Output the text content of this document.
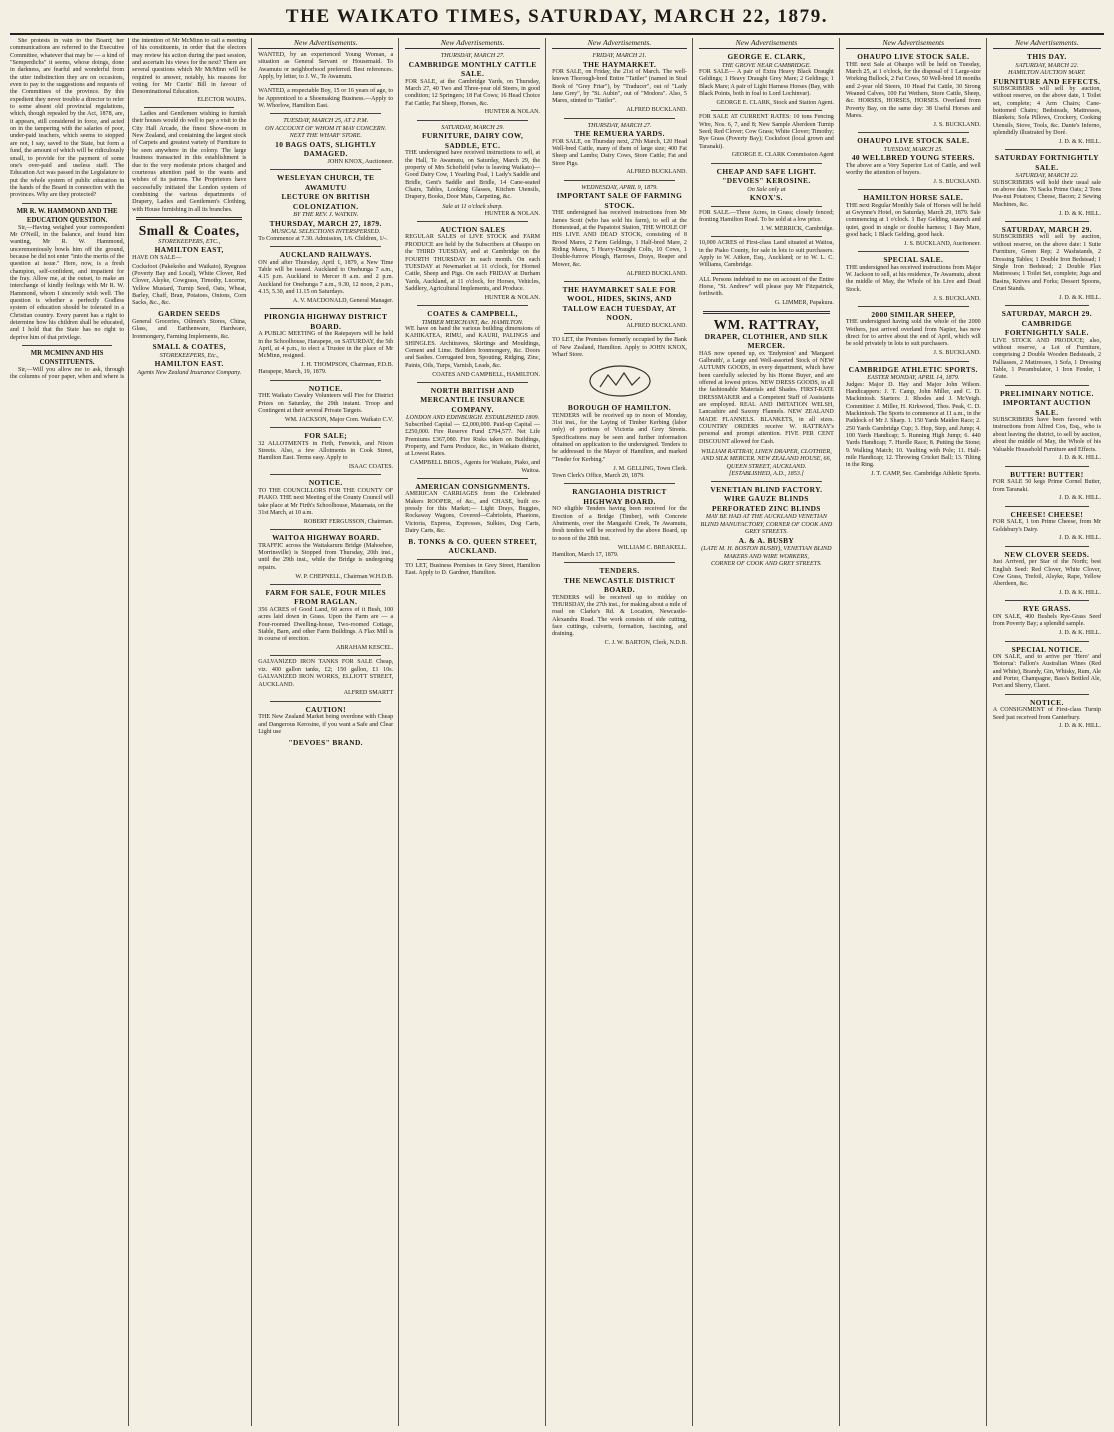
THE WAIKATO TIMES, SATURDAY, MARCH 22, 1879.

She protests in vain to the Board; her communications are referred to the Executive Committee, whatever that may be — a kind of "Semperdichs" it seems, whose doings, done in darkness, are fearful and wonderful from the utter indistinction they are on occasions, even to pay to the suggestions and requests of the Committees of the province. By this expedient they never trouble a director to refer to some absent old provincial regulations, which, though repealed by the Act, 1878, are, it appears, still considered in force, and acted on in the tampering with the salaries of poor, under-paid teachers, which seems to stopped are not, I say, saved to the State, but form a fund, the amount of which will be ridiculously small, to provide for the payment of some one's over-paid and useless staff. The Education Act was passed in the Legislature to put the whole system of public education in the hands of the Board in connection with the provinces. Why are they protected?

MR R. W. HAMMOND AND THE EDUCATION QUESTION.

Sir,—Having weighed your correspondent Mr O'Neill, in the balance, and found him wanting, Mr R. W. Hammond, unceremoniously bowls him off the ground, because he did not enter "into the merits of the question at issue." Here, now, is a fresh champion, self-confident, and impatient for the fray. Allow me, at the outset, to make an interchange of kindly feelings with Mr R. W. Hammond, whom I sincerely wish well. The question is whether a perfectly Godless system of education should be tolerated in a Christian country. Every parent has a right to determine how his children shall be educated, and I hold that the State has no right to deprive him of that privilege.

MR MCMINN AND HIS CONSTITUENTS.

Sir,—Will you allow me to ask, through the columns of your paper, when and where is the intention of Mr McMinn to call a meeting of his constituents, in order that the electors may review his action during the past session, and ascertain his views for the next? There are several questions which Mr McMinn will be required to answer, notably, his reasons for voting for Mr Curtis' Bill in favour of Denominational Education.

ELECTOR WAIPA.

Ladies and Gentlemen wishing to furnish their houses would do well to pay a visit to the City Hall Arcade, the finest Show-room in New Zealand, and containing the largest stock of Carpets and greatest variety of Furniture to be seen anywhere in the colony. The large business transacted in this establishment is due to the very moderate prices charged and courteous attention paid to the wants and wishes of its patrons. The Proprietors have successfully initiated the London system of combining the various departments of Drapery, Ladies and Gentlemen's Clothing, with House furnishing in all its branches.

Small & Coates,
STOREKEEPERS, ETC.,
HAMILTON EAST,

HAVE ON SALE—

Cocksfoot (Pakekoho and Waikato), Ryegrass (Poverty Bay and Local), White Clover, Red Clover, Alsyke, Cowgrass, Timothy, Lucerne, Yellow Mustard, Turnip Seed, Oats, Wheat, Barley, Chaff, Bran, Potatoes, Onions, Corn Sacks, &c., &c.

GARDEN SEEDS

General Groceries, Oilmen's Stores, China, Glass, and Earthenware, Hardware, Ironmongery, Farming Implements, &c.

SMALL & COATES,
STOREKEEPERS, Etc.,
HAMILTON EAST.
Agents New Zealand Insurance Company.
New Advertisements.

WANTED, by an experienced Young Woman, a situation as General Servant or Housemaid. To Awamutu or neighborhood preferred. Best references. Apply, by letter, to J. W., Te Awamutu.

WANTED, a respectable Boy, 15 or 16 years of age, to be Apprenticed to a Shoemaking Business.—Apply to W. Whorlow, Hamilton East.

TUESDAY, MARCH 25, AT 2 P.M.
ON ACCOUNT OF WHOM IT MAY CONCERN.
NEXT THE WHARF STORE.
10 BAGS OATS, SLIGHTLY DAMAGED.
JOHN KNOX, Auctioneer.
WESLEYAN CHURCH, TE AWAMUTU
LECTURE ON BRITISH COLONIZATION.
BY THE REV. J. WATKIN.
THURSDAY, MARCH 27, 1879.
MUSICAL SELECTIONS INTERSPERSED.

To Commence at 7.30. Admission, 1/6. Children, 1/-.

AUCKLAND RAILWAYS.

ON and after Thursday, April 1, 1879, a New Time Table will be issued. Auckland to Onehunga 7 a.m., 4.15 p.m. Auckland to Mercer 8 a.m. and 2 p.m. Auckland for Onehunga 7 a.m., 9.30, 12 noon, 2 p.m., 4.15, 5.30, and 11.15 on Saturdays.

A. V. MACDONALD, General Manager.
PIRONGIA HIGHWAY DISTRICT BOARD.

A PUBLIC MEETING of the Ratepayers will be held in the Schoolhouse, Harapepe, on SATURDAY, the 5th April, at 4 p.m., to elect a Trustee in the place of Mr McMinn, resigned.

J. H. THOMPSON, Chairman, P.D.B.

Harapepe, March, 19, 1879.

NOTICE.

THE Waikato Cavalry Volunteers will Fire for District Prizes on Saturday, the 29th instant. Troop and Contingent at their several Private Targets.

WM. JACKSON, Major Com. Waikato C.V.
FOR SALE;

32 ALLOTMENTS in Firth, Fenwick, and Nixon Streets. Also, a few Allotments in Cook Street, Hamilton East. Terms easy. Apply to

ISAAC COATES.
NOTICE.

TO THE COUNCILLORS FOR THE COUNTY OF PIAKO. THE next Meeting of the County Council will take place at Mr Firth's Schoolhouse, Matamata, on the 31st March, at 10 a.m.

ROBERT FERGUSSON, Chairman.
WAITOA HIGHWAY BOARD.

TRAFFIC across the Waitakaruru Bridge (Mahoehoe, Morrinsville) is Stopped from Thursday, 20th inst., until the 29th inst., while the Bridge is undergoing repairs.

W. P. CHEPNELL, Chairman W.H.D.B.
FARM FOR SALE, FOUR MILES FROM RAGLAN.

356 ACRES of Good Land, 60 acres of it Bush, 100 acres laid down in Grass. Upon the Farm are — a Four-roomed Dwelling-house, Two-roomed Cottage, Stable, Barn, and other Farm Buildings. A Flax Mill is in course of erection.

ABRAHAM KESCEL.

GALVANIZED IRON TANKS FOR SALE Cheap, viz. 400 gallon tanks, £2; 150 gallon, £1 10s. GALVANIZED IRON WORKS, ELLIOTT STREET, AUCKLAND.

ALFRED SMARTT
CAUTION!

THE New Zealand Market being overdone with Cheap and Dangerous Kerosine, if you want a Safe and Clear Light use

"DEVOES" BRAND.
New Advertisements.
THURSDAY, MARCH 27.
CAMBRIDGE MONTHLY CATTLE SALE.

FOR SALE, at the Cambridge Yards, on Thursday, March 27, 40 Two and Three-year old Steers, in good condition; 12 Springers; 18 Fat Cows; 16 Head Choice Fat Cattle; Fat Sheep, Horses, &c.

HUNTER & NOLAN.
SATURDAY, MARCH 29.
FURNITURE, DAIRY COW, SADDLE, ETC.

THE undersigned have received instructions to sell, at the Hall, Te Awamutu, on Saturday, March 29, the property of Mrs Schofield (who is leaving Waikato)— Good Dairy Cow, 1 Yearling Foal, 1 Lady's Saddle and Bridle, Gent's Saddle and Bridle, 14 Cane-seated Chairs, Tables, Looking Glasses, Kitchen Utensils, Drapery, Books, Door Mats, Carpeting, &c.

Sale at 11 o'clock sharp.
HUNTER & NOLAN.
AUCTION SALES

REGULAR SALES of LIVE STOCK and FARM PRODUCE are held by the Subscribers at Ohaupo on the THIRD TUESDAY, and at Cambridge on the FOURTH THURSDAY in each month. On each TUESDAY at Newmarket at 11 o'clock, for Horned Cattle, Sheep and Pigs. On each FRIDAY at Durham Yards, Auckland, at 11 o'clock, for Horses, Vehicles, Saddlery, Agricultural Implements, and Produce.

HUNTER & NOLAN.
COATES & CAMPBELL,
TIMBER MERCHANT, &c. HAMILTON.

WE have on hand the various building dimensions of KAHIKATEA, RIMU, and KAURI, PALINGS and SHINGLES. Architraves, Skirtings and Mouldings, Cement and Lime. Builders Ironmongery, &c. Doors and Sashes. Corrugated Iron, Spouting, Ridging, Zinc, Paints, Oils, Turps, Varnish, Leads, &c.

COATES AND CAMPBELL, HAMILTON.
NORTH BRITISH AND MERCANTILE INSURANCE COMPANY.
LONDON AND EDINBURGH. ESTABLISHED 1809.

Subscribed Capital — £2,000,000. Paid-up Capital — £250,000. Fire Reserve Fund £794,577. Net Life Premiums £367,080. Fire Risks taken on Buildings, Property, and Farm Produce, &c., in Waikato district, at Lowest Rates.

CAMPBELL BROS., Agents for Waikato, Piako, and Waitoa.
AMERICAN CONSIGNMENTS.

AMERICAN CARRIAGES from the Celebrated Makers ROOPER, of &c., and CHASE, built ex-pressly for this Market;— Light Drays, Buggies, Rockaway Wagons, Covered—Cabriolets, Phaetons, Victoria, Express, Expresses, Sulkies, Dog Carts, Dairy Carts, &c.

B. TONKS & CO. QUEEN STREET, AUCKLAND.

TO LET, Business Premises in Grey Street, Hamilton East. Apply to D. Gardner, Hamilton.

New Advertisements.
FRIDAY, MARCH 21.
THE HAYMARKET.

FOR SALE, on Friday, the 21st of March. The well-known Thorough-bred Entire "Tattler" (named in Stud Book of "Grey Friar"), by "Traducer", out of "Lady Jane Grey", by "St. Aubin", out of "Modora". Also, 5 Mares, stinted to "Tattler".

ALFRED BUCKLAND.
THURSDAY, MARCH 27.
THE REMUERA YARDS.

FOR SALE, on Thursday next, 27th March, 120 Head Well-bred Cattle, many of them of large size; 400 Fat Sheep and Lambs; Dairy Cows, Store Cattle; Fat and Store Pigs.

ALFRED BUCKLAND.
WEDNESDAY, APRIL 9, 1879.
IMPORTANT SALE OF FARMING STOCK.

THE undersigned has received instructions from Mr James Scott (who has sold his farm), to sell at the Homestead, at the Papatotoi Station, THE WHOLE OF HIS LIVE AND DEAD STOCK, consisting of 8 Brood Mares, 2 Farm Geldings, 1 Half-bred Mare, 2 Riding Mares, 5 Heavy-Draught Colts, 10 Cows, 1 Double-furrow Plough, Harrows, Drays, Reaper and Mower, &c.

ALFRED BUCKLAND.
THE HAYMARKET SALE FOR WOOL, HIDES, SKINS, AND TALLOW EACH TUESDAY, AT NOON.
ALFRED BUCKLAND.

TO LET, the Premises formerly occupied by the Bank of New Zealand, Hamilton. Apply to JOHN KNOX, Wharf Store.

BOROUGH OF HAMILTON.

TENDERS will be received up to noon of Monday, 31st inst., for the Laying of Timber Kerbing (labor only) of portions of Victoria and Grey Streets. Specifications may be seen and further information obtained on application to the undersigned. Tenders to be addressed to the Mayor of Hamilton, and marked "Tender for Kerbing."

J. M. GELLING, Town Clerk.

Town Clerk's Office, March 20, 1879.

RANGIAOHIA DISTRICT HIGHWAY BOARD.

NO eligible Tenders having been received for the Erection of a Bridge (Timber), with Concrete Abutments, over the Mangaohi Creek, Te Awamutu, fresh tenders will be received by the above Board, up to noon of the 28th inst.

WILLIAM C. BREAKELL.

Hamilton, March 17, 1879.

TENDERS.
THE NEWCASTLE DISTRICT BOARD.

TENDERS will be received up to midday on THURSDAY, the 27th inst., for making about a mile of road on Clarke's Rd. & Location, Newcastle-Alexandra Road. The work consists of side cutting, face cuttings, culverts, formation, fascining, and draining.

C. J. W. BARTON, Clerk, N.D.B.
New Advertisements
GEORGE E. CLARK,
THE GROVE NEAR CAMBRIDGE.

FOR SALE— A pair of Extra Heavy Black Draught Geldings; 1 Heavy Draught Grey Mare; 2 Geldings; 1 Black Mare; A pair of Light Harness Horses (Bay, with Black Points, both in foal to Lord Lochinvar).

GEORGE E. CLARK, Stock and Station Agent.

FOR SALE AT CURRENT RATES: 10 tons Fencing Wire, Nos. 6, 7, and 8; New Sample Aberdeen Turnip Seed; Red Clover; Cow Grass; White Clover; Timothy; Rye Grass (Poverty Bay); Cocksfoot (local grown and Taranaki).

GEORGE E. CLARK Commission Agent
CHEAP AND SAFE LIGHT. "DEVOES" KEROSINE.
On Sale only at
KNOX'S.

FOR SALE.—Three Acres, in Grass; closely fenced; fronting Hamilton Road. To be sold at a low price.

J. W. MERRICK, Cambridge.

10,000 ACRES of First-class Land situated at Waitoa, in the Piako County, for sale in lots to suit purchasers. Apply to W. Aitken, Esq., Auckland; or to W. L. C. Williams, Cambridge.

ALL Persons indebted to me on account of the Entire Horse, "St. Andrew" will please pay Mr Fitzpatrick, forthwith.

G. LIMMER, Papakura.
WM. RATTRAY,
DRAPER, CLOTHIER, AND SILK MERCER.

HAS now opened up, ex 'Endymion' and 'Margaret Galbraith', a Large and Well-assorted Stock of NEW AUTUMN GOODS, in every department, which have been carefully selected by his Home Buyer, and are offered at lowest prices. NEW DRESS GOODS, in all the fashionable Materials and Shades. FIRST-RATE DRESSMAKER and a Competent Staff of Assistants are employed. REAL AND IMITATION WELSH, Lancashire and Saxony Flannels. NEW ZEALAND MADE FLANNELS. BLANKETS, in all sizes. COUNTRY ORDERS receive W. RATTRAY's personal and prompt attention. FIVE PER CENT DISCOUNT allowed for Cash.

WILLIAM RATTRAY, LINEN DRAPER, CLOTHIER, AND SILK MERCER. NEW ZEALAND HOUSE, 66, QUEEN STREET, AUCKLAND.
[ESTABLISHED, A.D., 1853.]
VENETIAN BLIND FACTORY.
WIRE GAUZE BLINDS
PERFORATED ZINC BLINDS
MAY BE HAD AT THE AUCKLAND VENETIAN BLIND MANUFACTORY, CORNER OF COOK AND GREY STREETS.
A. & A. BUSBY
(LATE M. H. BOSTON BUSBY), VENETIAN BLIND MAKERS AND WIRE WORKERS,
CORNER OF COOK AND GREY STREETS.
New Advertisements
OHAUPO LIVE STOCK SALE.

THE next Sale at Ohaupo will be held on Tuesday, March 25, at 1 o'clock, for the disposal of 1 Large-size Working Bullock, 2 Fat Cows, 50 Well-bred 18 months and 2-year old Steers, 10 Head Fat Cattle, 30 Strong Weaned Calves, 100 Fat Wethers, Store Cattle, Sheep, &c. HORSES, HORSES, HORSES. Overland from Poverty Bay, on the same day: 38 Useful Horses and Mares.

J. S. BUCKLAND.
OHAUPO LIVE STOCK SALE.
TUESDAY, MARCH 25.
40 WELLBRED YOUNG STEERS.

The above are a Very Superior Lot of Cattle, and well worthy the attention of buyers.

J. S. BUCKLAND.
HAMILTON HORSE SALE.

THE next Regular Monthly Sale of Horses will be held at Gwynne's Hotel, on Saturday, March 29, 1879. Sale commencing at 1 o'clock. 1 Bay Gelding, staunch and quiet, good in single or double harness; 1 Bay Mare, good hack; 1 Black Gelding, good hack.

J. S. BUCKLAND, Auctioneer.
SPECIAL SALE.

THE undersigned has received instructions from Major W. Jackson to sell, at his residence, Te Awamutu, about the middle of May, the Whole of his Live and Dead Stock.

J. S. BUCKLAND.
2000 SIMILAR SHEEP,

THE undersigned having sold the whole of the 2000 Wethers, just arrived overland from Napier, has now direct for to arrive about the end of April, which will be sold privately in lots to suit purchasers.

J. S. BUCKLAND.
CAMBRIDGE ATHLETIC SPORTS.
EASTER MONDAY, APRIL 14, 1879.

Judges: Major D. Hay and Major John Wilson. Handicappers: J. T. Camp, John Miller, and C. D. Mackintosh. Starters: J. Rhodes and J. McVeigh. Committee: J. Miller, H. Kirkwood, Thos. Peak, C. D. Mackintosh. The Sports to commence at 11 a.m., in the Paddock of Mr J. Sharp. 1. 150 Yards Maiden Race; 2. 250 Yards Cambridge Cup; 3. Hop, Step, and Jump; 4. 100 Yards Handicap; 5. Running High Jump; 6. 440 Yards Handicap; 7. Hurdle Race; 8. Putting the Stone; 9. Walking Match; 10. Vaulting with Pole; 11. Half-mile Handicap; 12. Throwing Cricket Ball; 13. Tilting in the Ring.

J. T. CAMP, Sec. Cambridge Athletic Sports.
New Advertisements.
THIS DAY.
SATURDAY, MARCH 22.
HAMILTON AUCTION MART.
FURNITURE AND EFFECTS.

SUBSCRIBERS will sell by auction, without reserve, on the above date, 1 Toilet set, complete; 4 Arm Chairs; Cane-bottomed Chairs; Bedsteads, Mattresses, Blankets; Sofa Pillows, Crockery, Cooking Utensils, Stove, Tools, &c. Dante's Inferno, splendidly illustrated by Doré.

J. D. & K. HILL.
SATURDAY FORTNIGHTLY SALE.
SATURDAY, MARCH 22.

SUBSCRIBERS will hold their usual sale on above date. 70 Sacks Prime Oats; 2 Tons Pea-nut Potatoes; Cheese, Bacon; 2 Sewing Machines, &c.

J. D. & K. HILL.
SATURDAY, MARCH 29.

SUBSCRIBERS will sell by auction, without reserve, on the above date: 1 Suite Furniture, Green Rep; 2 Washstands, 2 Dressing Tables; 1 Double Iron Bedstead; 1 Single Iron Bedstead; 2 Double Flax Mattresses; 1 Toilet Set, complete; Jugs and Basins, Knives and Forks; Dessert Spoons, Cruet Stands.

J. D. & K. HILL.
SATURDAY, MARCH 29. CAMBRIDGE FORTNIGHTLY SALE.

LIVE STOCK AND PRODUCE; also, without reserve, a Lot of Furniture, comprising 2 Double Wooden Bedsteads, 2 Palliasses, 2 Mattresses, 1 Sofa, 1 Dressing Table, 1 Perambulator, 1 Iron Fender, 1 Grate.

PRELIMINARY NOTICE.
IMPORTANT AUCTION SALE.

SUBSCRIBERS have been favored with instructions from Alfred Cox, Esq., who is about leaving the district, to sell by auction, about the middle of May, the Whole of his Valuable Household Furniture and Effects.

J. D. & K. HILL.
BUTTER! BUTTER!

FOR SALE 50 kegs Prime Cornel Butter, from Taranaki.

J. D. & K. HILL.
CHEESE! CHEESE!

FOR SALE, 1 ton Prime Cheese, from Mr Goldsbury's Dairy.

J. D. & K. HILL.
NEW CLOVER SEEDS.

Just Arrived, per Star of the North; best English Seed: Red Clover, White Clover, Cow Grass, Trefoil, Alsyke, Rape, Yellow Aberdeen, &c.

J. D. & K. HILL.
RYE GRASS.

ON SALE, 400 Bushels Rye-Grass Seed from Poverty Bay; a splendid sample.

J. D. & K. HILL.
SPECIAL NOTICE.

ON SALE, and to arrive per 'Hero' and 'Botorua': Fallon's Australian Wines (Red and White), Brandy, Gin, Whisky, Rum, Ale and Porter, Champagne, Bass's Bottled Ale, Port and Sherry, Claret.

NOTICE.

A CONSIGNMENT of First-class Turnip Seed just received from Canterbury.

J. D. & K. HILL.
